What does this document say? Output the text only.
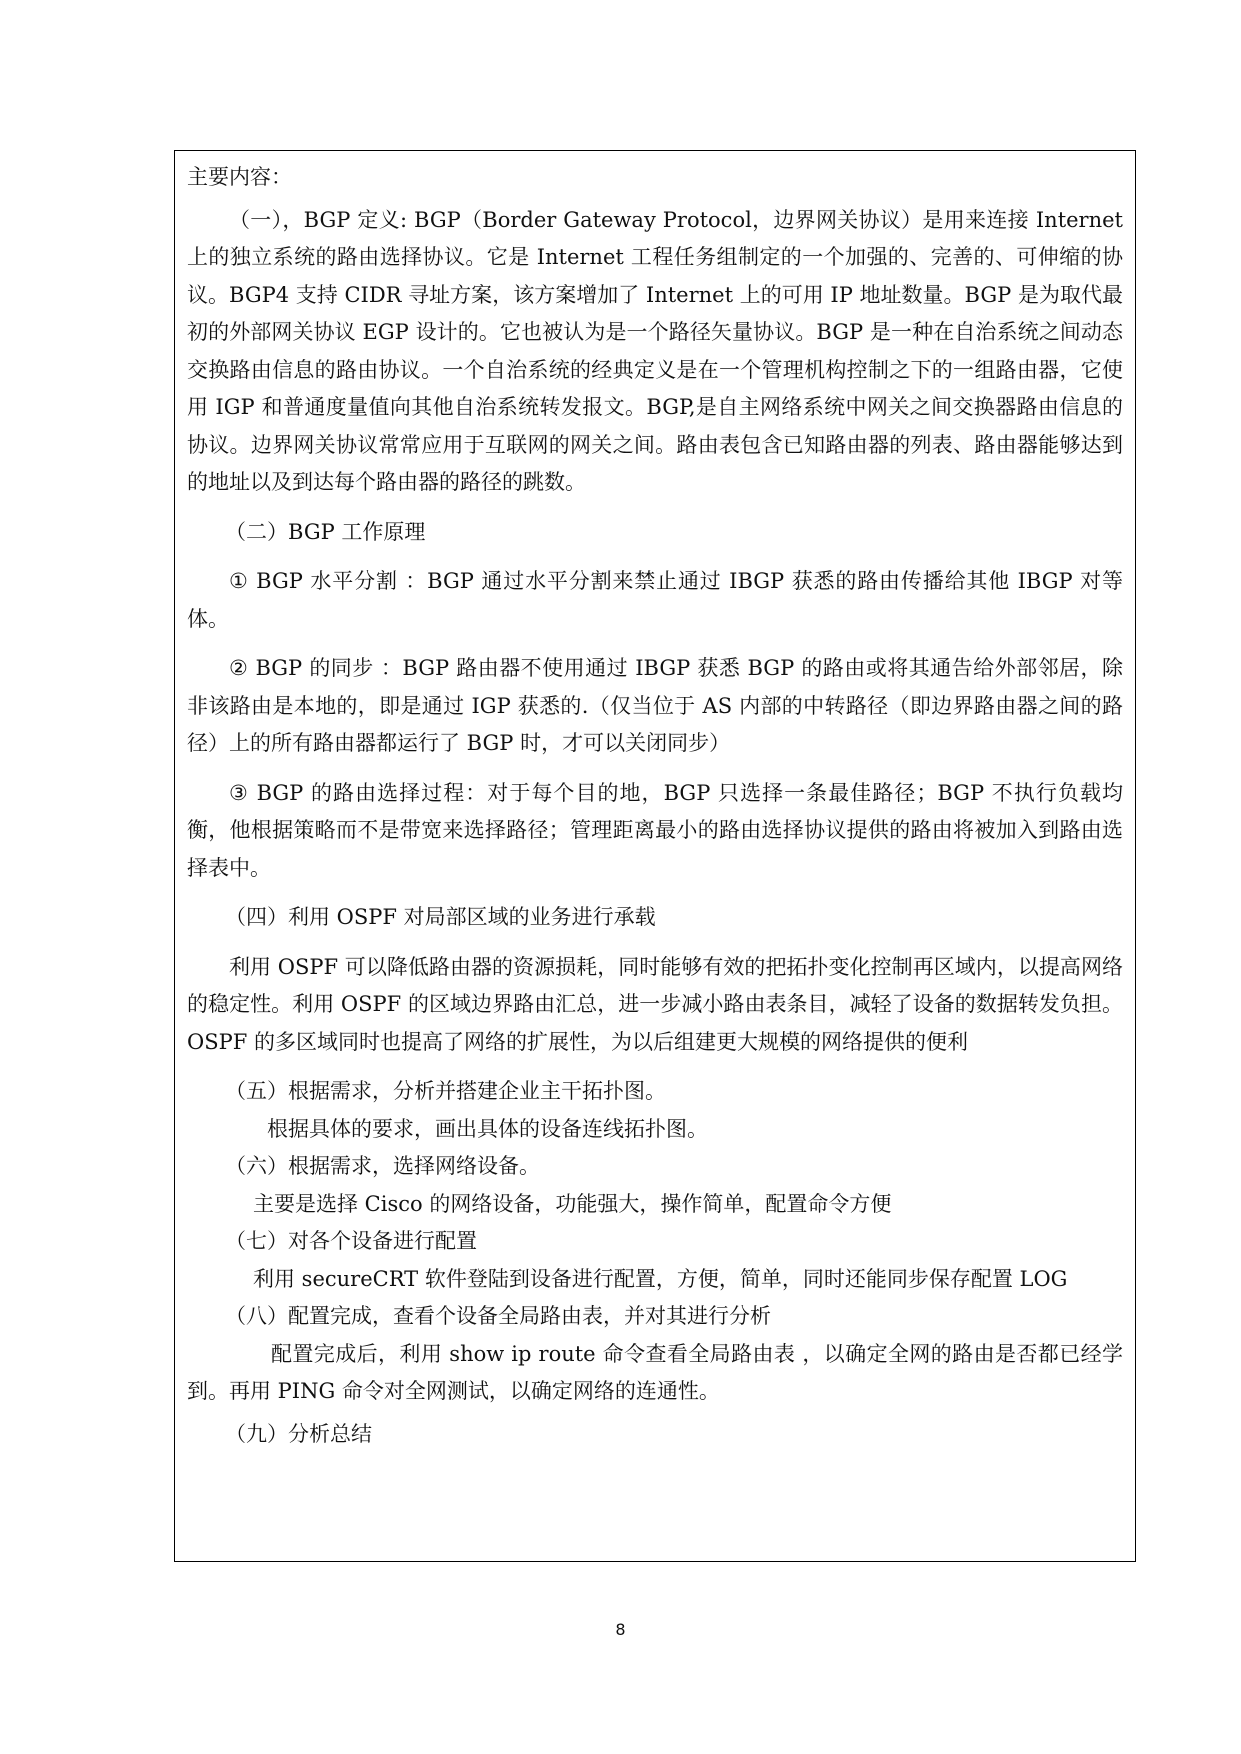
主要内容：

（一），BGP 定义: BGP（Border Gateway Protocol，边界网关协议）是用来连接 Internet 上的独立系统的路由选择协议。它是 Internet 工程任务组制定的一个加强的、完善的、可伸缩的协议。BGP4 支持 CIDR 寻址方案，该方案增加了 Internet 上的可用 IP 地址数量。BGP 是为取代最初的外部网关协议 EGP 设计的。它也被认为是一个路径矢量协议。BGP 是一种在自治系统之间动态交换路由信息的路由协议。一个自治系统的经典定义是在一个管理机构控制之下的一组路由器，它使用 IGP 和普通度量值向其他自治系统转发报文。BGP,是自主网络系统中网关之间交换器路由信息的协议。边界网关协议常常应用于互联网的网关之间。路由表包含已知路由器的列表、路由器能够达到的地址以及到达每个路由器的路径的跳数。

（二）BGP 工作原理

① BGP 水平分割 ：BGP 通过水平分割来禁止通过 IBGP 获悉的路由传播给其他 IBGP 对等体。

② BGP 的同步 ：BGP 路由器不使用通过 IBGP 获悉 BGP 的路由或将其通告给外部邻居，除非该路由是本地的，即是通过 IGP 获悉的.（仅当位于 AS 内部的中转路径（即边界路由器之间的路径）上的所有路由器都运行了 BGP 时，才可以关闭同步）

③ BGP 的路由选择过程：对于每个目的地，BGP 只选择一条最佳路径；BGP 不执行负载均衡，他根据策略而不是带宽来选择路径；管理距离最小的路由选择协议提供的路由将被加入到路由选择表中。

（四）利用 OSPF 对局部区域的业务进行承载

利用 OSPF 可以降低路由器的资源损耗，同时能够有效的把拓扑变化控制再区域内，以提高网络的稳定性。利用 OSPF 的区域边界路由汇总，进一步减小路由表条目，减轻了设备的数据转发负担。OSPF 的多区域同时也提高了网络的扩展性，为以后组建更大规模的网络提供的便利

（五）根据需求，分析并搭建企业主干拓扑图。

根据具体的要求，画出具体的设备连线拓扑图。

（六）根据需求，选择网络设备。

主要是选择 Cisco 的网络设备，功能强大，操作简单，配置命令方便

（七）对各个设备进行配置

利用 secureCRT 软件登陆到设备进行配置，方便，简单，同时还能同步保存配置 LOG

（八）配置完成，查看个设备全局路由表，并对其进行分析

配置完成后，利用 show ip route 命令查看全局路由表 ，以确定全网的路由是否都已经学到。再用 PING 命令对全网测试，以确定网络的连通性。

（九）分析总结

8
